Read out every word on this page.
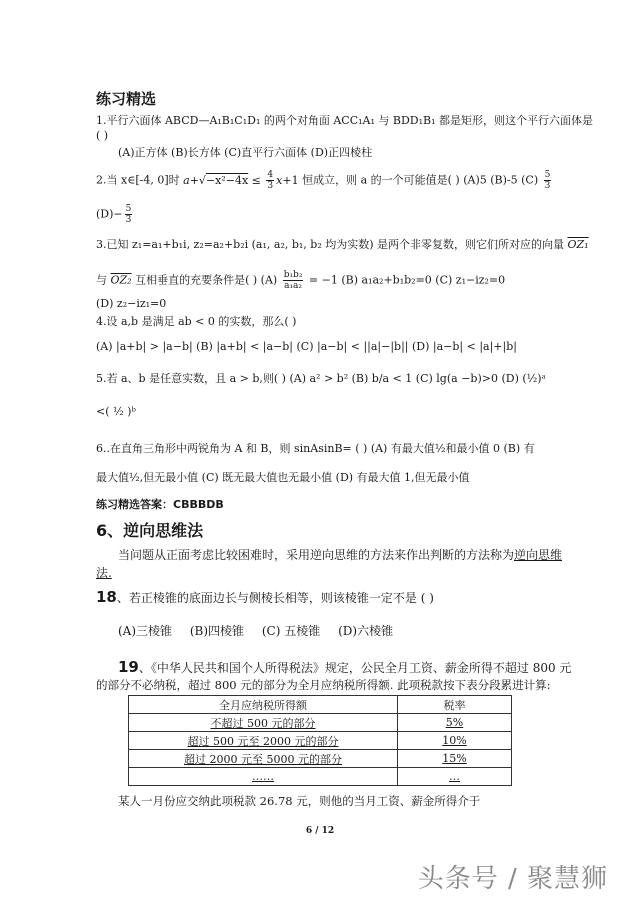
练习精选
1.平行六面体 ABCD—A₁B₁C₁D₁ 的两个对角面 ACC₁A₁ 与 BDD₁B₁ 都是矩形，则这个平行六面体是
( )
(A)正方体 (B)长方体 (C)直平行六面体 (D)正四棱柱
2.当 x∈[-4, 0]时 $a+√-x^2-4x \le \frac{4}{3} x+1$ 恒成立，则 a 的一个可能值是( ) (A)5 (B)-5 $(C) \frac{5}{3}$
$(D)- \frac{5}{3}$
3.已知 z₁=a₁+b₁i, z₂=a₂+b₂i (a₁, a₂, b₁, b₂ 均为实数) 是两个非零复数，则它们所对应的向量 OZ₁
与 OZ₂ 互相垂直的充要条件是( ) $(A) \frac{\text{b₁b₂}}{\text{a₁a₂}} = -1$ (B) a₁a₂+b₁b₂=0 (C) z₁−iz₂=0
(D) z₂−iz₁=0
4.设 a,b 是满足 ab < 0 的实数，那么( )
(A) |a+b| > |a−b| (B) |a+b| < |a−b| (C) |a−b| < ||a|−|b|| (D) |a−b| < |a|+|b|
5.若 a、b 是任意实数，且 a > b,则( ) (A) a² > b² (B) b/a < 1 (C) lg(a −b)>0 (D) (½)ᵃ
<( ½ )ᵇ
6..在直角三角形中两锐角为 A 和 B，则 sinAsinB= ( ) (A) 有最大值½和最小值 0 (B) 有
最大值½,但无最小值 (C) 既无最大值也无最小值 (D) 有最大值 1,但无最小值
练习精选答案：CBBBDB
6、逆向思维法
当问题从正面考虑比较困难时，采用逆向思维的方法来作出判断的方法称为逆向思维
法.
18、若正棱锥的底面边长与侧棱长相等，则该棱锥一定不是 ( )
(A)三棱锥 (B)四棱锥 (C) 五棱锥 (D)六棱锥
19、《中华人民共和国个人所得税法》规定，公民全月工资、薪金所得不超过 800 元
的部分不必纳税，超过 800 元的部分为全月应纳税所得额. 此项税款按下表分段累进计算:
全月应纳税所得额	税率
不超过 500 元的部分	5%
超过 500 元至 2000 元的部分	10%
超过 2000 元至 5000 元的部分	15%
……	…
某人一月份应交纳此项税款 26.78 元，则他的当月工资、薪金所得介于
6 / 12
头条号 / 聚慧狮
